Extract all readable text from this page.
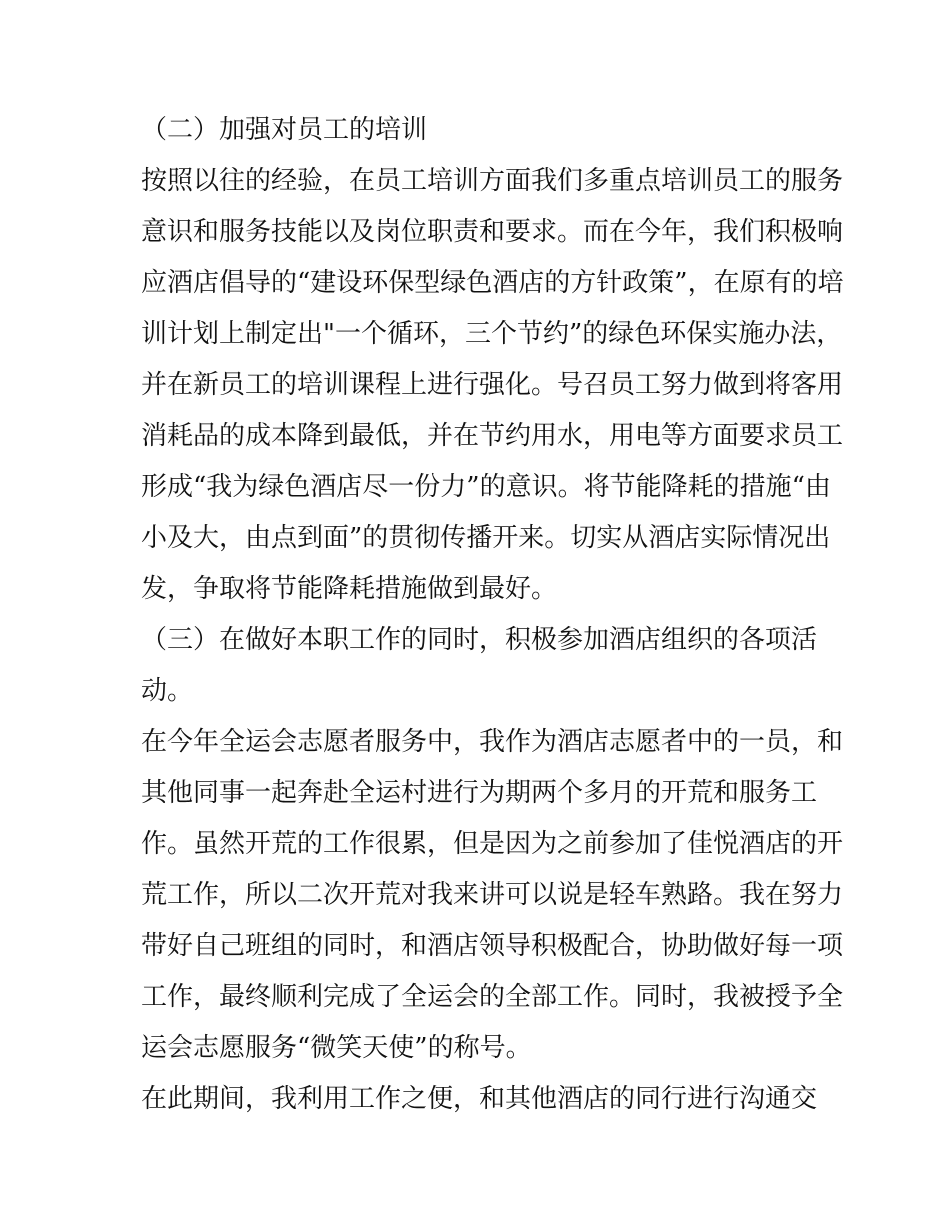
（二）加强对员工的培训
按照以往的经验，在员工培训方面我们多重点培训员工的服务
意识和服务技能以及岗位职责和要求。而在今年，我们积极响
应酒店倡导的“建设环保型绿色酒店的方针政策”，在原有的培
训计划上制定出"一个循环，三个节约”的绿色环保实施办法，
并在新员工的培训课程上进行强化。号召员工努力做到将客用
消耗品的成本降到最低，并在节约用水，用电等方面要求员工
形成“我为绿色酒店尽一份力”的意识。将节能降耗的措施“由
小及大，由点到面”的贯彻传播开来。切实从酒店实际情况出
发，争取将节能降耗措施做到最好。
（三）在做好本职工作的同时，积极参加酒店组织的各项活
动。
在今年全运会志愿者服务中，我作为酒店志愿者中的一员，和
其他同事一起奔赴全运村进行为期两个多月的开荒和服务工
作。虽然开荒的工作很累，但是因为之前参加了佳悦酒店的开
荒工作，所以二次开荒对我来讲可以说是轻车熟路。我在努力
带好自己班组的同时，和酒店领导积极配合，协助做好每一项
工作，最终顺利完成了全运会的全部工作。同时，我被授予全
运会志愿服务“微笑天使”的称号。
在此期间，我利用工作之便，和其他酒店的同行进行沟通交
